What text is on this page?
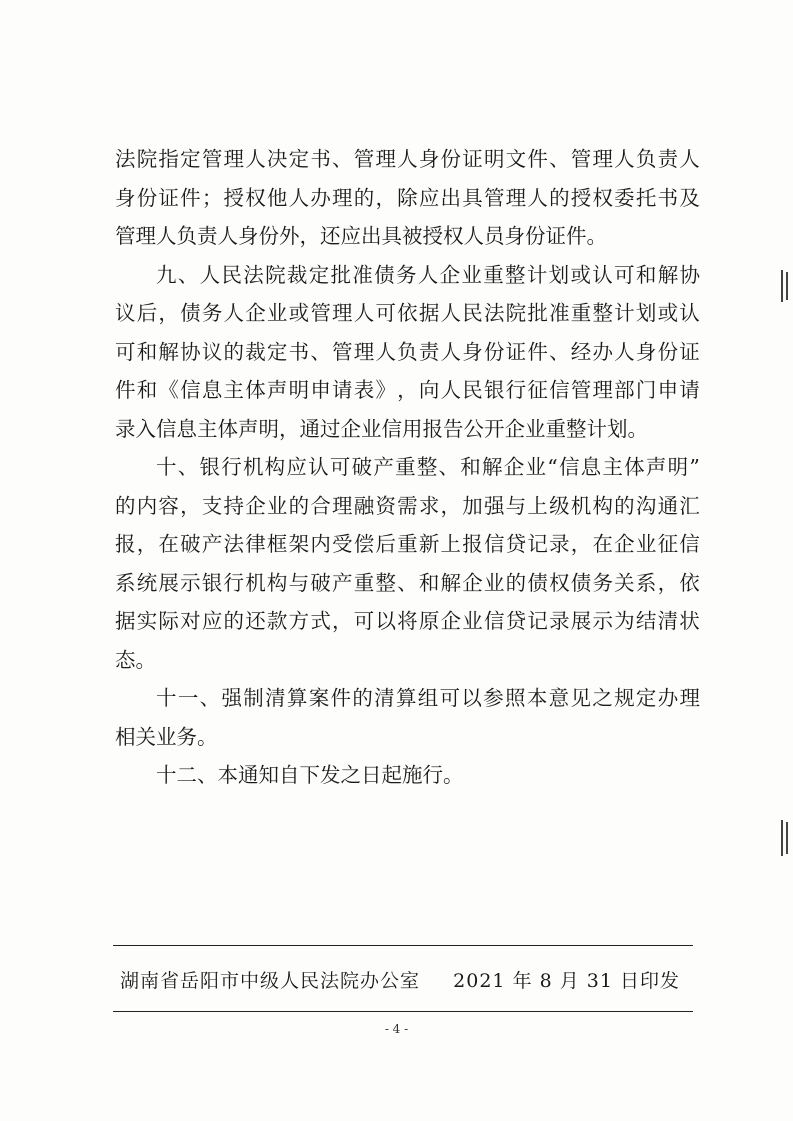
法 院 指 定 管 理 人 决 定 书 、 管 理 人 身 份 证 明 文 件 、 管 理 人 负 责 人
身 份 证 件 ； 授 权 他 人 办 理 的 ， 除 应 出 具 管 理 人 的 授 权 委 托 书 及
管理人负责人身份外，还应出具被授权人员身份证件。
九 、 人 民 法 院 裁 定 批 准 债 务 人 企 业 重 整 计 划 或 认 可 和 解 协
议 后 ， 债 务 人 企 业 或 管 理 人 可 依 据 人 民 法 院 批 准 重 整 计 划 或 认
可 和 解 协 议 的 裁 定 书 、 管 理 人 负 责 人 身 份 证 件 、 经 办 人 身 份 证
件 和 《 信 息 主 体 声 明 申 请 表 》 ， 向 人 民 银 行 征 信 管 理 部 门 申 请
录入信息主体声明，通过企业信用报告公开企业重整计划。
十 、 银 行 机 构 应 认 可 破 产 重 整 、 和 解 企 业 “ 信 息 主 体 声 明 ”
的 内 容 ， 支 持 企 业 的 合 理 融 资 需 求 ， 加 强 与 上 级 机 构 的 沟 通 汇
报 ， 在 破 产 法 律 框 架 内 受 偿 后 重 新 上 报 信 贷 记 录 ， 在 企 业 征 信
系 统 展 示 银 行 机 构 与 破 产 重 整 、 和 解 企 业 的 债 权 债 务 关 系 ， 依
据 实 际 对 应 的 还 款 方 式 ， 可 以 将 原 企 业 信 贷 记 录 展 示 为 结 清 状
态。
十 一 、 强 制 清 算 案 件 的 清 算 组 可 以 参 照 本 意 见 之 规 定 办 理
相关业务。
十二、本通知自下发之日起施行。
湖南省岳阳市中级人民法院办公室 2021 年 8 月 31 日印发
- 4 -
